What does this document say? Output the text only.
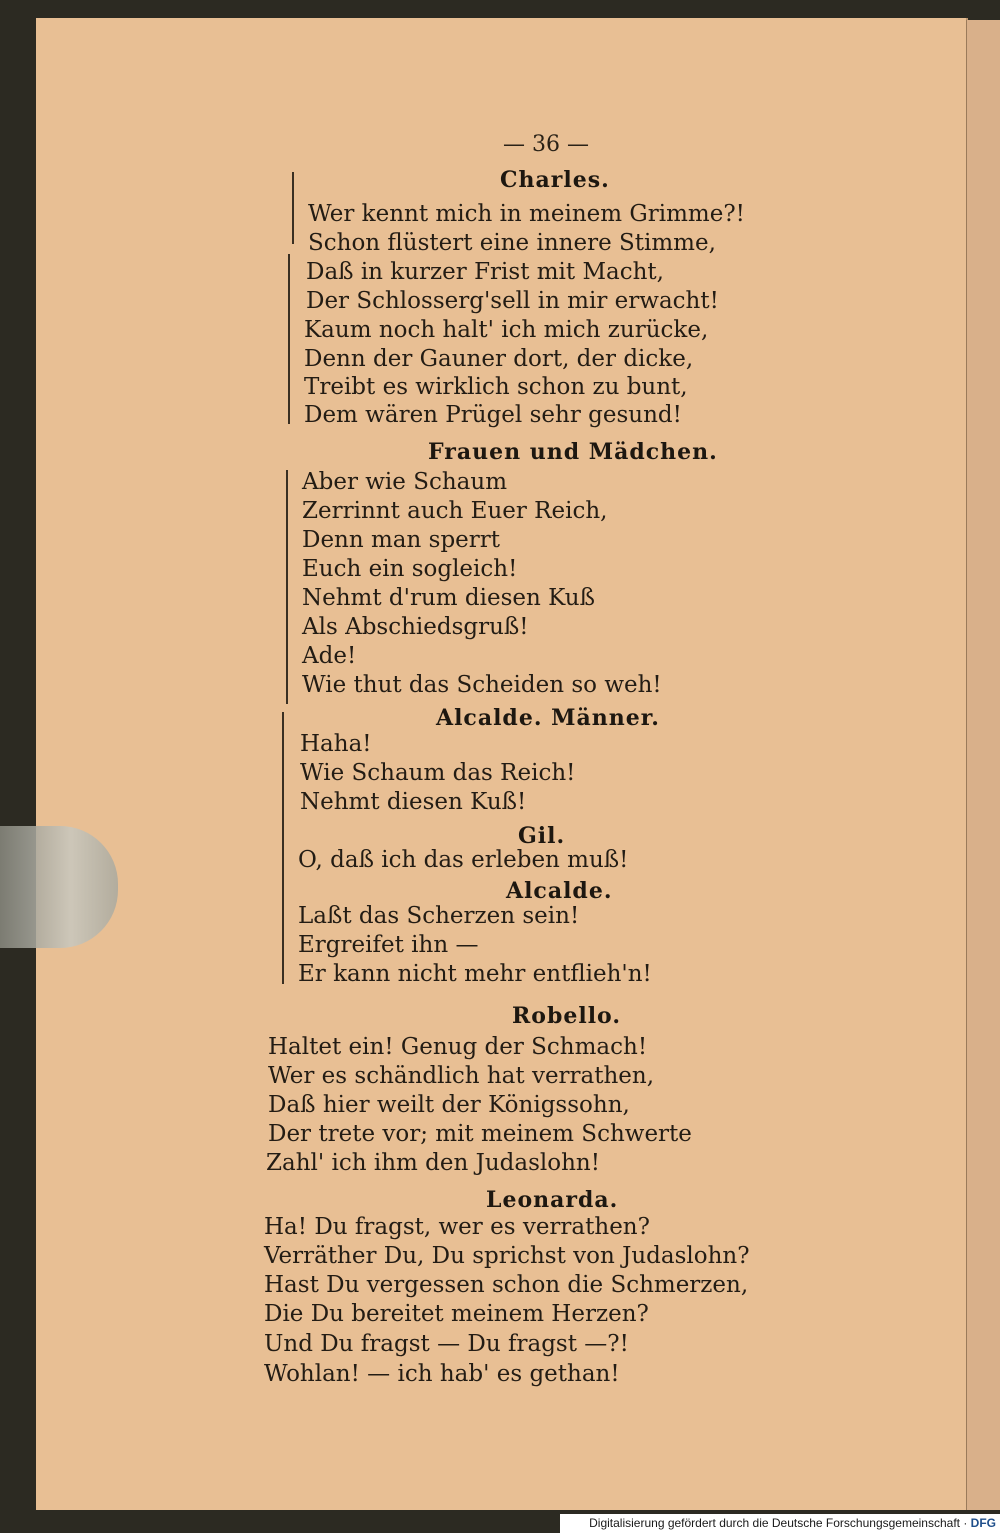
— 36 —
Charles.
Wer kennt mich in meinem Grimme?!
Schon flüstert eine innere Stimme,
Daß in kurzer Frist mit Macht,
Der Schlosserg'sell in mir erwacht!
Kaum noch halt' ich mich zurücke,
Denn der Gauner dort, der dicke,
Treibt es wirklich schon zu bunt,
Dem wären Prügel sehr gesund!
Frauen und Mädchen.
Aber wie Schaum
Zerrinnt auch Euer Reich,
Denn man sperrt
Euch ein sogleich!
Nehmt d'rum diesen Kuß
Als Abschiedsgruß!
Ade!
Wie thut das Scheiden so weh!
Alcalde. Männer.
Haha!
Wie Schaum das Reich!
Nehmt diesen Kuß!
Gil.
O, daß ich das erleben muß!
Alcalde.
Laßt das Scherzen sein!
Ergreifet ihn —
Er kann nicht mehr entflieh'n!
Robello.
Haltet ein! Genug der Schmach!
Wer es schändlich hat verrathen,
Daß hier weilt der Königssohn,
Der trete vor; mit meinem Schwerte
Zahl' ich ihm den Judaslohn!
Leonarda.
Ha! Du fragst, wer es verrathen?
Verräther Du, Du sprichst von Judaslohn?
Hast Du vergessen schon die Schmerzen,
Die Du bereitet meinem Herzen?
Und Du fragst — Du fragst —?!
Wohlan! — ich hab' es gethan!
Digitalisierung gefördert durch die Deutsche Forschungsgemeinschaft · DFG
